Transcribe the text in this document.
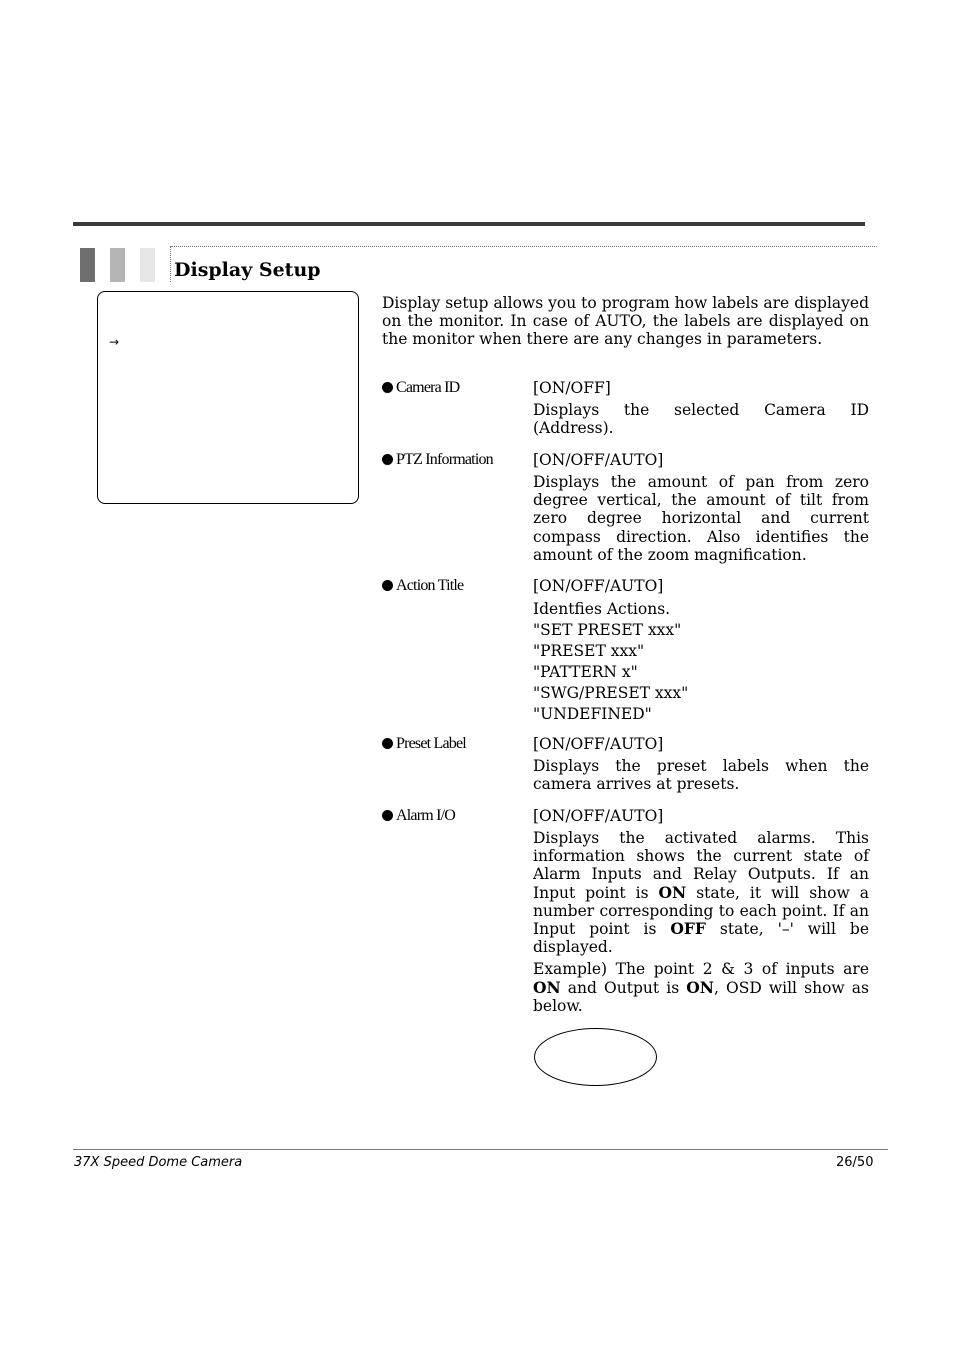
Display Setup
→

Display setup allows you to program how labels are displayed on the monitor. In case of AUTO, the labels are displayed on the monitor when there are any changes in parameters.

Camera ID	[ON/OFF]
Displays the selected Camera ID (Address).
PTZ Information	[ON/OFF/AUTO]
Displays the amount of pan from zero degree vertical, the amount of tilt from zero degree horizontal and current compass direction. Also identifies the amount of the zoom magnification.
Action Title	[ON/OFF/AUTO]
Identfies Actions.
"SET PRESET xxx"
"PRESET xxx"
"PATTERN x"
"SWG/PRESET xxx"
"UNDEFINED"
Preset Label	[ON/OFF/AUTO]
Displays the preset labels when the camera arrives at presets.
Alarm I/O	[ON/OFF/AUTO]
Displays the activated alarms. This information shows the current state of Alarm Inputs and Relay Outputs. If an Input point is ON state, it will show a number corresponding to each point. If an Input point is OFF state, '–' will be displayed.
Example) The point 2 & 3 of inputs are ON and Output is ON, OSD will show as below.
37X Speed Dome Camera	26/50
